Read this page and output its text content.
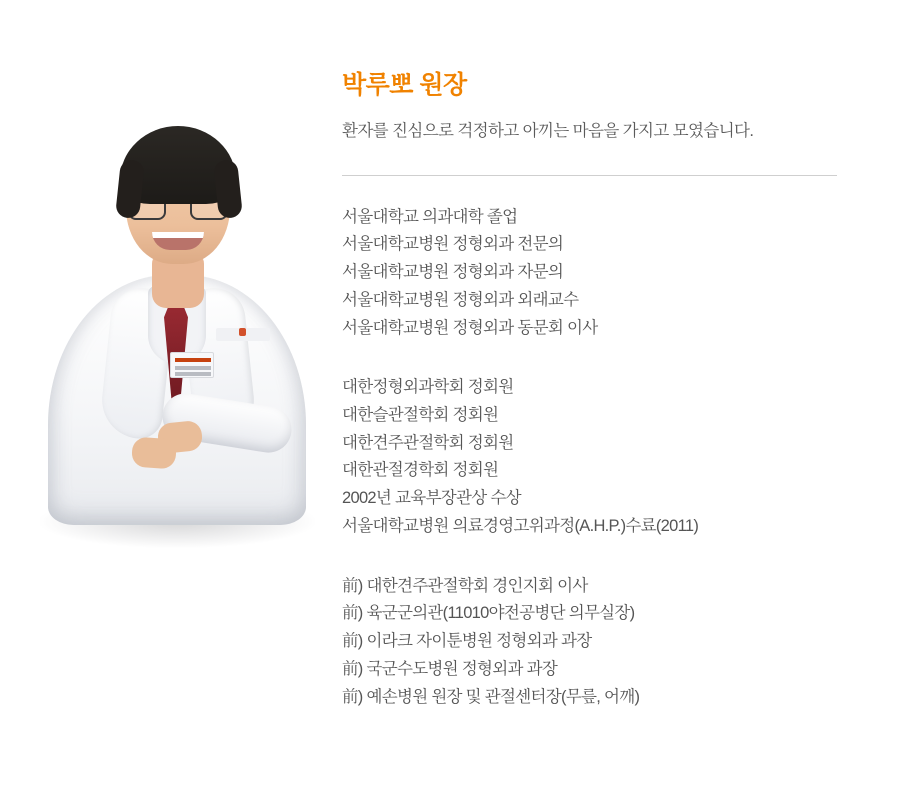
박루뽀 원장

환자를 진심으로 걱정하고 아끼는 마음을 가지고 모였습니다.

서울대학교 의과대학 졸업
서울대학교병원 정형외과 전문의
서울대학교병원 정형외과 자문의
서울대학교병원 정형외과 외래교수
서울대학교병원 정형외과 동문회 이사
대한정형외과학회 정회원
대한슬관절학회 정회원
대한견주관절학회 정회원
대한관절경학회 정회원
2002년 교육부장관상 수상
서울대학교병원 의료경영고위과정(A.H.P.)수료(2011)
前) 대한견주관절학회 경인지회 이사
前) 육군군의관(11010야전공병단 의무실장)
前) 이라크 자이툰병원 정형외과 과장
前) 국군수도병원 정형외과 과장
前) 예손병원 원장 및 관절센터장(무릎, 어깨)
